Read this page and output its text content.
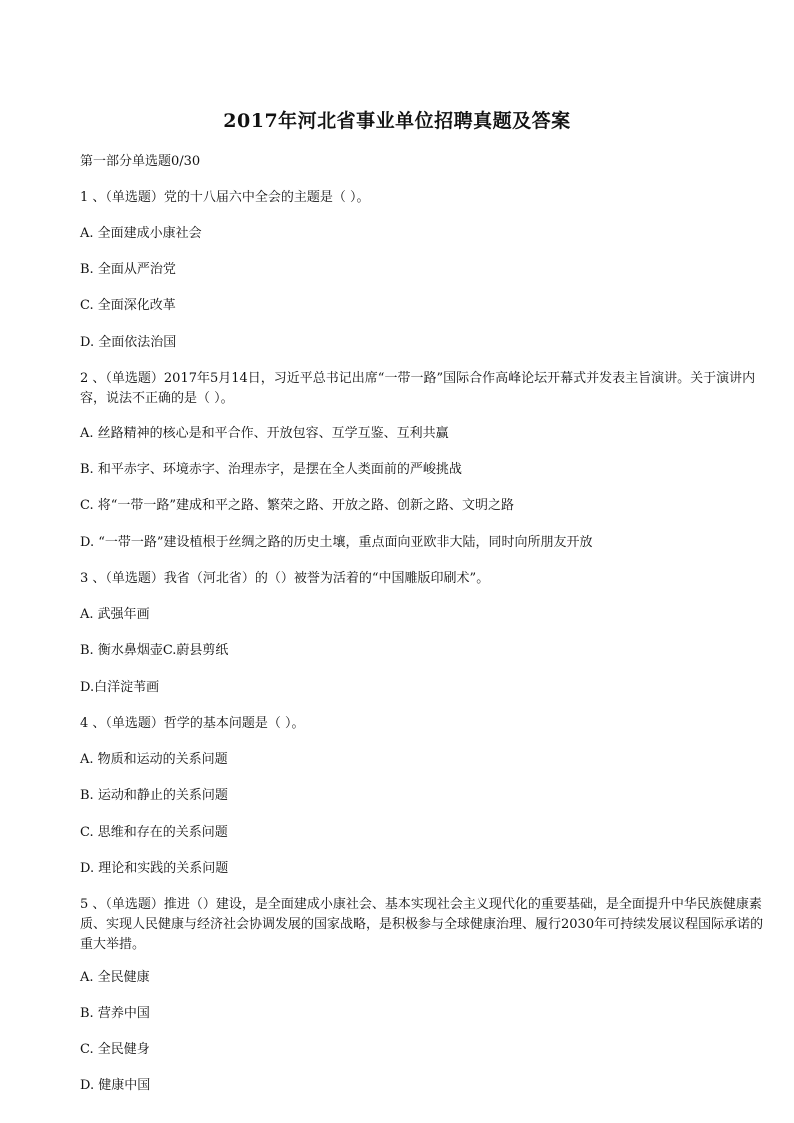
2017年河北省事业单位招聘真题及答案
第一部分单选题0/30
1 、（单选题）党的十八届六中全会的主题是（ ）。
A. 全面建成小康社会
B. 全面从严治党
C. 全面深化改革
D. 全面依法治国
2 、（单选题）2017年5月14日，习近平总书记出席“一带一路”国际合作高峰论坛开幕式并发表主旨演讲。关于演讲内容，说法不正确的是（ ）。
A. 丝路精神的核心是和平合作、开放包容、互学互鉴、互利共赢
B. 和平赤字、环境赤字、治理赤字，是摆在全人类面前的严峻挑战
C. 将“一带一路”建成和平之路、繁荣之路、开放之路、创新之路、文明之路
D. “一带一路”建设植根于丝绸之路的历史土壤，重点面向亚欧非大陆，同时向所朋友开放
3 、（单选题）我省（河北省）的（）被誉为活着的“中国雕版印刷术”。
A. 武强年画
B. 衡水鼻烟壶C.蔚县剪纸
D.白洋淀苇画
4 、（单选题）哲学的基本问题是（ ）。
A. 物质和运动的关系问题
B. 运动和静止的关系问题
C. 思维和存在的关系问题
D. 理论和实践的关系问题
5 、（单选题）推进（）建设，是全面建成小康社会、基本实现社会主义现代化的重要基础，是全面提升中华民族健康素质、实现人民健康与经济社会协调发展的国家战略，是积极参与全球健康治理、履行2030年可持续发展议程国际承诺的重大举措。
A. 全民健康
B. 营养中国
C. 全民健身
D. 健康中国
